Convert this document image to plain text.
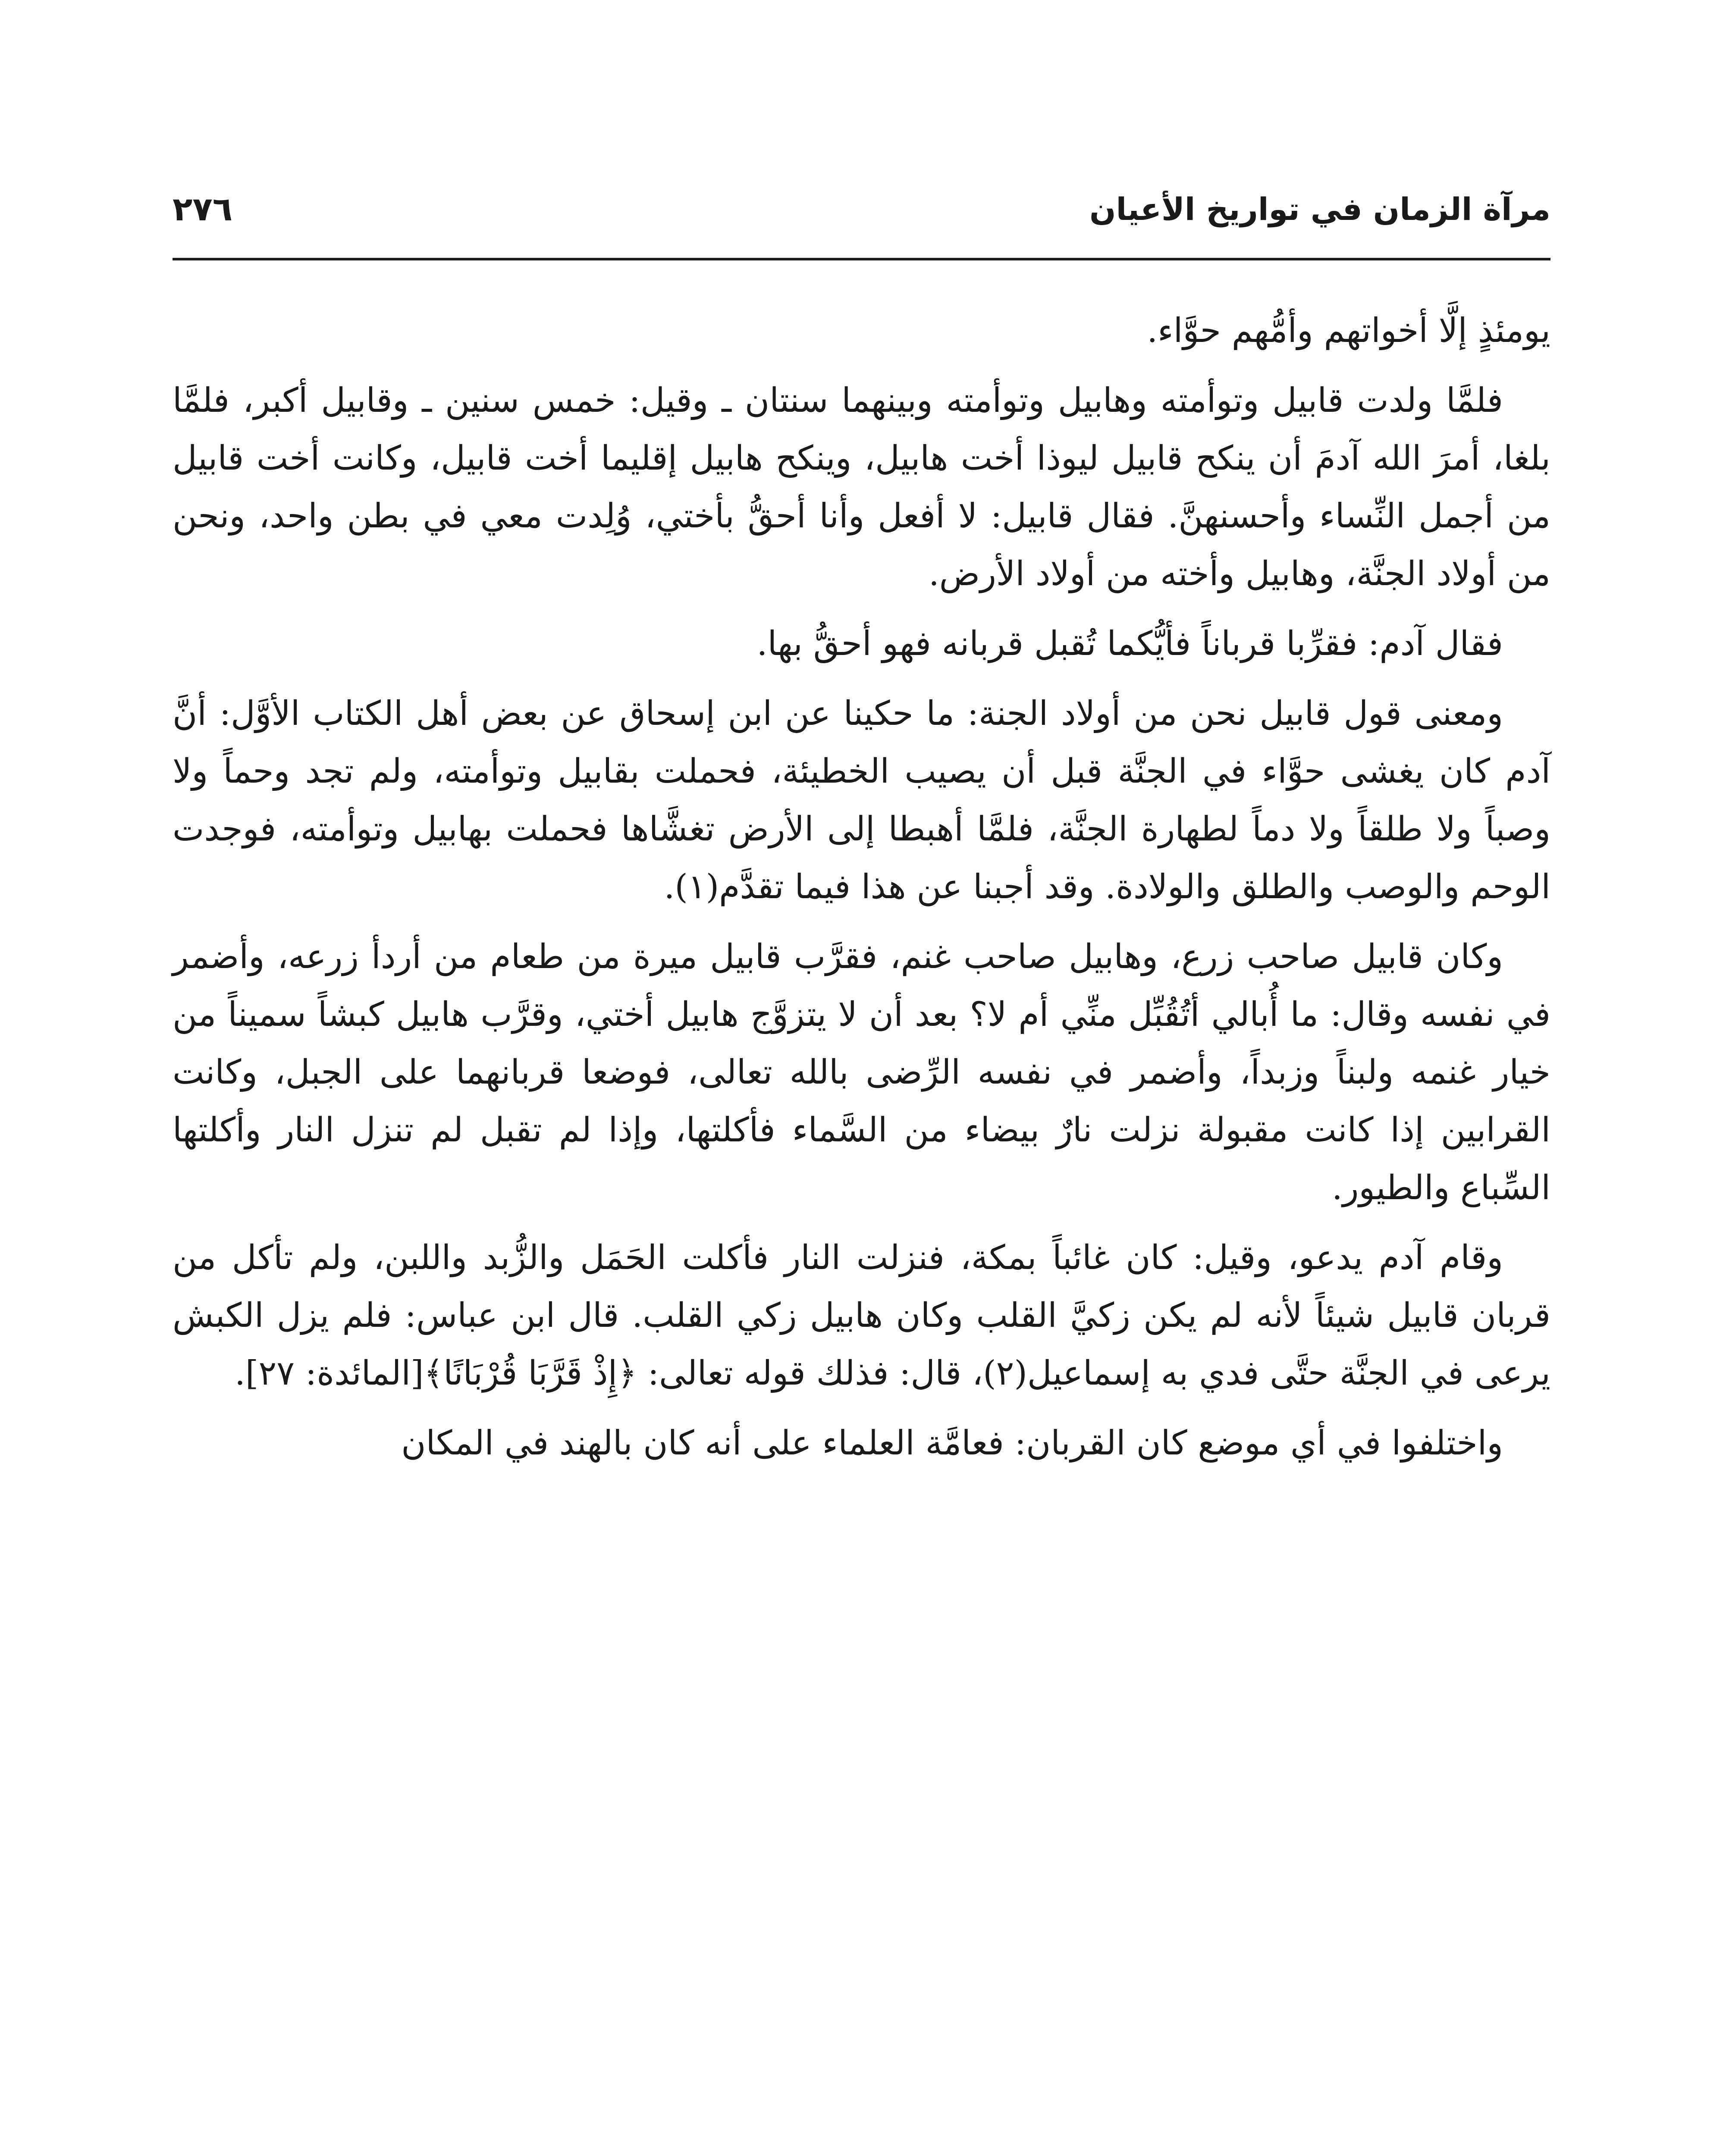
مرآة الزمان في تواريخ الأعيان
٢٧٦

يومئذٍ إلَّا أخواتهم وأمُّهم حوَّاء.

فلمَّا ولدت قابيل وتوأمته وهابيل وتوأمته وبينهما سنتان ـ وقيل: خمس سنين ـ وقابيل أكبر، فلمَّا بلغا، أمرَ الله آدمَ أن ينكح قابيل ليوذا أخت هابيل، وينكح هابيل إقليما أخت قابيل، وكانت أخت قابيل من أجمل النِّساء وأحسنهنَّ. فقال قابيل: لا أفعل وأنا أحقُّ بأختي، وُلِدت معي في بطن واحد، ونحن من أولاد الجنَّة، وهابيل وأخته من أولاد الأرض.

فقال آدم: فقرِّبا قرباناً فأيُّكما تُقبل قربانه فهو أحقُّ بها.

ومعنى قول قابيل نحن من أولاد الجنة: ما حكينا عن ابن إسحاق عن بعض أهل الكتاب الأوَّل: أنَّ آدم كان يغشى حوَّاء في الجنَّة قبل أن يصيب الخطيئة، فحملت بقابيل وتوأمته، ولم تجد وحماً ولا وصباً ولا طلقاً ولا دماً لطهارة الجنَّة، فلمَّا أهبطا إلى الأرض تغشَّاها فحملت بهابيل وتوأمته، فوجدت الوحم والوصب والطلق والولادة. وقد أجبنا عن هذا فيما تقدَّم(١).

وكان قابيل صاحب زرع، وهابيل صاحب غنم، فقرَّب قابيل ميرة من طعام من أردأ زرعه، وأضمر في نفسه وقال: ما أُبالي أتُقُبِّل منِّي أم لا؟ بعد أن لا يتزوَّج هابيل أختي، وقرَّب هابيل كبشاً سميناً من خيار غنمه ولبناً وزبداً، وأضمر في نفسه الرِّضى بالله تعالى، فوضعا قربانهما على الجبل، وكانت القرابين إذا كانت مقبولة نزلت نارٌ بيضاء من السَّماء فأكلتها، وإذا لم تقبل لم تنزل النار وأكلتها السِّباع والطيور.

وقام آدم يدعو، وقيل: كان غائباً بمكة، فنزلت النار فأكلت الحَمَل والزُّبد واللبن، ولم تأكل من قربان قابيل شيئاً لأنه لم يكن زكيَّ القلب وكان هابيل زكي القلب. قال ابن عباس: فلم يزل الكبش يرعى في الجنَّة حتَّى فدي به إسماعيل(٢)، قال: فذلك قوله تعالى: ﴿إِذْ قَرَّبَا قُرْبَانًا﴾[المائدة: ٢٧].

واختلفوا في أي موضع كان القربان: فعامَّة العلماء على أنه كان بالهند في المكان
